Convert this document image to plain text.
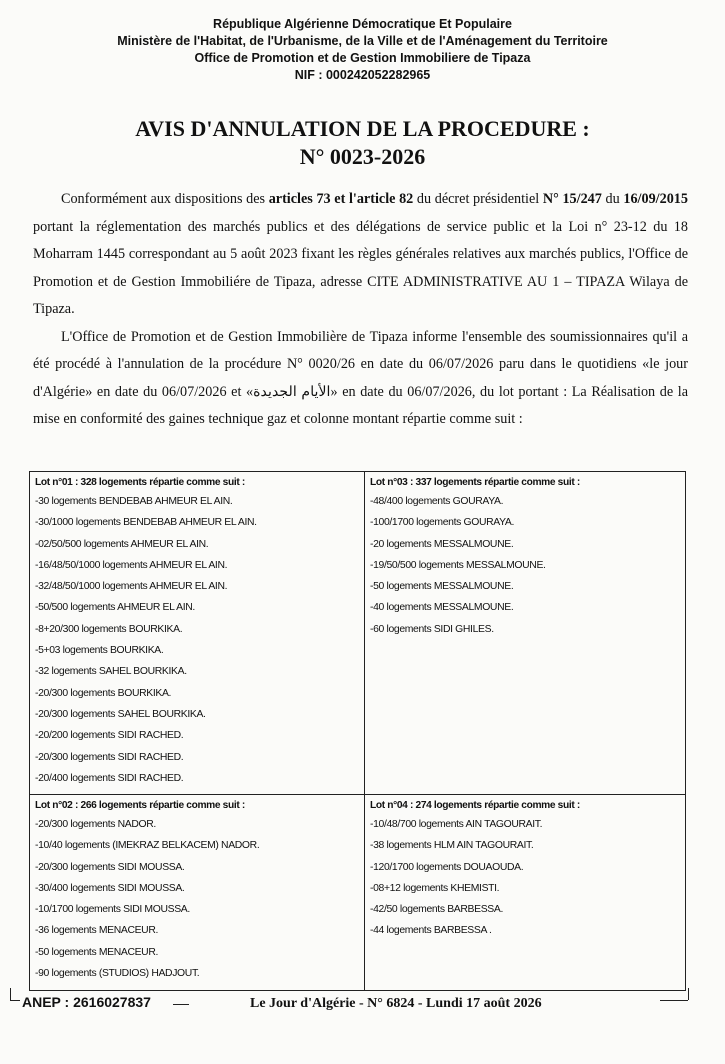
République Algérienne Démocratique Et Populaire
Ministère de l'Habitat, de l'Urbanisme, de la Ville et de l'Aménagement du Territoire
Office de Promotion et de Gestion Immobiliere de Tipaza
NIF : 000242052282965
AVIS D'ANNULATION DE LA PROCEDURE :
N° 0023-2026

Conformément aux dispositions des articles 73 et l'article 82 du décret présidentiel N° 15/247 du 16/09/2015 portant la réglementation des marchés publics et des délégations de service public et la Loi n° 23-12 du 18 Moharram 1445 correspondant au 5 août 2023 fixant les règles générales relatives aux marchés publics, l'Office de Promotion et de Gestion Immobiliére de Tipaza, adresse CITE ADMINISTRATIVE AU 1 – TIPAZA Wilaya de Tipaza.

L'Office de Promotion et de Gestion Immobilière de Tipaza informe l'ensemble des soumissionnaires qu'il a été procédé à l'annulation de la procédure N° 0020/26 en date du 06/07/2026 paru dans le quotidiens «le jour d'Algérie» en date du 06/07/2026 et «الأيام الجديدة» en date du 06/07/2026, du lot portant : La Réalisation de la mise en conformité des gaines technique gaz et colonne montant répartie comme suit :

Lot n°01 : 328 logements répartie comme suit :
-30 logements BENDEBAB AHMEUR EL AIN.
-30/1000 logements BENDEBAB AHMEUR EL AIN.
-02/50/500 logements AHMEUR EL AIN.
-16/48/50/1000 logements AHMEUR EL AIN.
-32/48/50/1000 logements AHMEUR EL AIN.
-50/500 logements AHMEUR EL AIN.
-8+20/300 logements BOURKIKA.
-5+03 logements BOURKIKA.
-32 logements SAHEL BOURKIKA.
-20/300 logements BOURKIKA.
-20/300 logements SAHEL BOURKIKA.
-20/200 logements SIDI RACHED.
-20/300 logements SIDI RACHED.
-20/400 logements SIDI RACHED.
Lot n°03 : 337 logements répartie comme suit :
-48/400 logements GOURAYA.
-100/1700 logements GOURAYA.
-20 logements MESSALMOUNE.
-19/50/500 logements MESSALMOUNE.
-50 logements MESSALMOUNE.
-40 logements MESSALMOUNE.
-60 logements SIDI GHILES.
Lot n°02 : 266 logements répartie comme suit :
-20/300 logements NADOR.
-10/40 logements (IMEKRAZ BELKACEM) NADOR.
-20/300 logements SIDI MOUSSA.
-30/400 logements SIDI MOUSSA.
-10/1700 logements SIDI MOUSSA.
-36 logements MENACEUR.
-50 logements MENACEUR.
-90 logements (STUDIOS) HADJOUT.
Lot n°04 : 274 logements répartie comme suit :
-10/48/700 logements AIN TAGOURAIT.
-38 logements HLM AIN TAGOURAIT.
-120/1700 logements DOUAOUDA.
-08+12 logements KHEMISTI.
-42/50 logements BARBESSA.
-44 logements BARBESSA .
ANEP : 2616027837	Le Jour d'Algérie - N° 6824 - Lundi 17 août 2026
